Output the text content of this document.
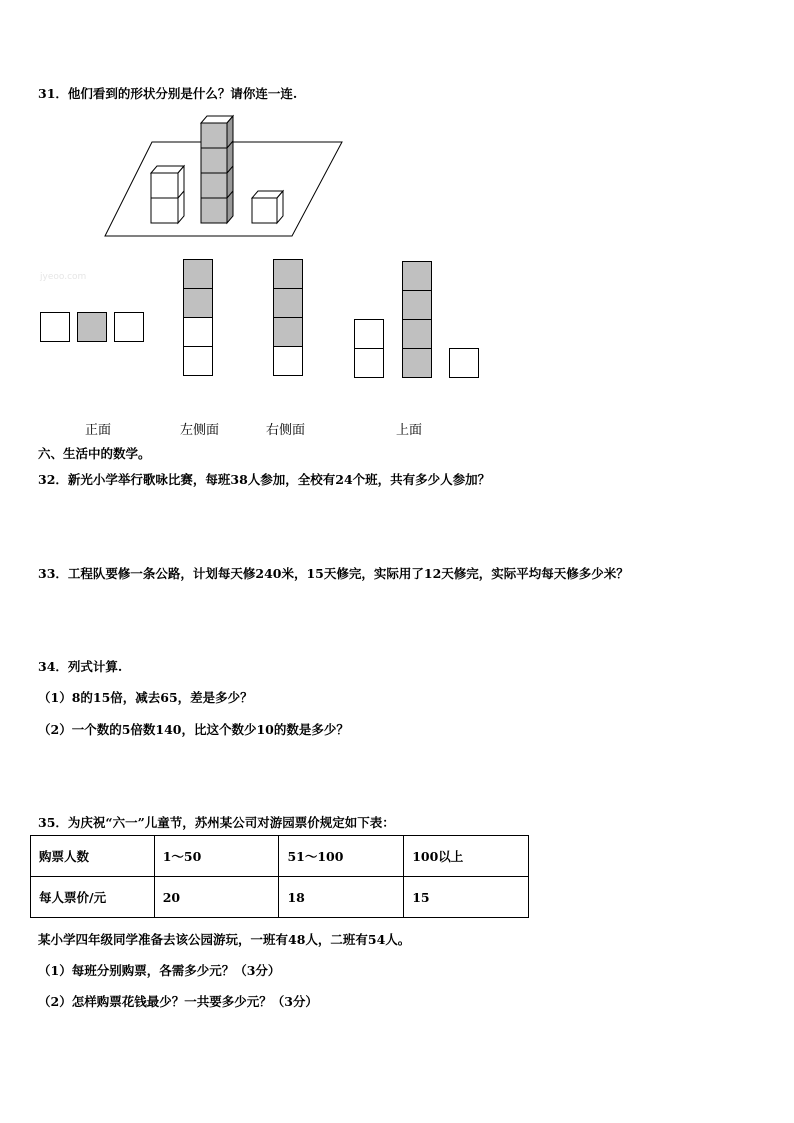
31．他们看到的形状分别是什么？请你连一连.
jyeoo.com
正面	左侧面	右侧面	上面
六、生活中的数学。
32．新光小学举行歌咏比赛，每班38人参加，全校有24个班，共有多少人参加？
33．工程队要修一条公路，计划每天修240米，15天修完，实际用了12天修完，实际平均每天修多少米？
34．列式计算.
（1）8的15倍，减去65，差是多少？
（2）一个数的5倍数140，比这个数少10的数是多少？
35．为庆祝“六一”儿童节，苏州某公司对游园票价规定如下表：
购票人数	1～50	51～100	100以上
每人票价/元	20	18	15
某小学四年级同学准备去该公园游玩，一班有48人，二班有54人。
（1）每班分别购票，各需多少元？（3分）
（2）怎样购票花钱最少？一共要多少元？（3分）
